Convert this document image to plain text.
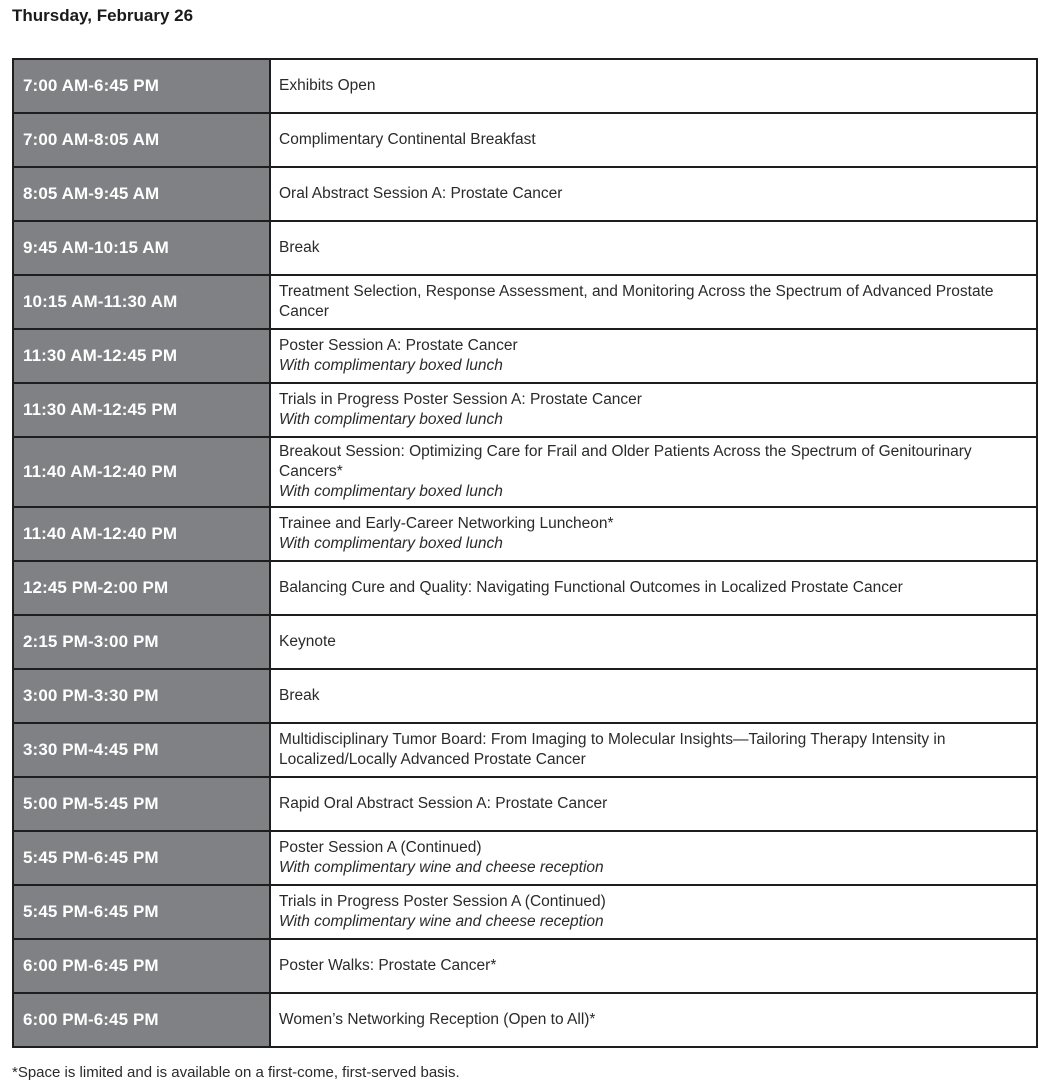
Thursday, February 26
7:00 AM-6:45 PM	Exhibits Open

7:00 AM-8:05 AM	Complimentary Continental Breakfast

8:05 AM-9:45 AM	Oral Abstract Session A: Prostate Cancer

9:45 AM-10:15 AM	Break

10:15 AM-11:30 AM	Treatment Selection, Response Assessment, and Monitoring Across the Spectrum of Advanced Prostate Cancer

11:30 AM-12:45 PM	Poster Session A: Prostate Cancer
With complimentary boxed lunch

11:30 AM-12:45 PM	Trials in Progress Poster Session A: Prostate Cancer
With complimentary boxed lunch

11:40 AM-12:40 PM	Breakout Session: Optimizing Care for Frail and Older Patients Across the Spectrum of Genitourinary Cancers*
With complimentary boxed lunch

11:40 AM-12:40 PM	Trainee and Early-Career Networking Luncheon*
With complimentary boxed lunch

12:45 PM-2:00 PM	Balancing Cure and Quality: Navigating Functional Outcomes in Localized Prostate Cancer

2:15 PM-3:00 PM	Keynote

3:00 PM-3:30 PM	Break

3:30 PM-4:45 PM	Multidisciplinary Tumor Board: From Imaging to Molecular Insights—Tailoring Therapy Intensity in Localized/Locally Advanced Prostate Cancer

5:00 PM-5:45 PM	Rapid Oral Abstract Session A: Prostate Cancer

5:45 PM-6:45 PM	Poster Session A (Continued)
With complimentary wine and cheese reception

5:45 PM-6:45 PM	Trials in Progress Poster Session A (Continued)
With complimentary wine and cheese reception

6:00 PM-6:45 PM	Poster Walks: Prostate Cancer*

6:00 PM-6:45 PM	Women’s Networking Reception (Open to All)*
*Space is limited and is available on a first-come, first-served basis.
